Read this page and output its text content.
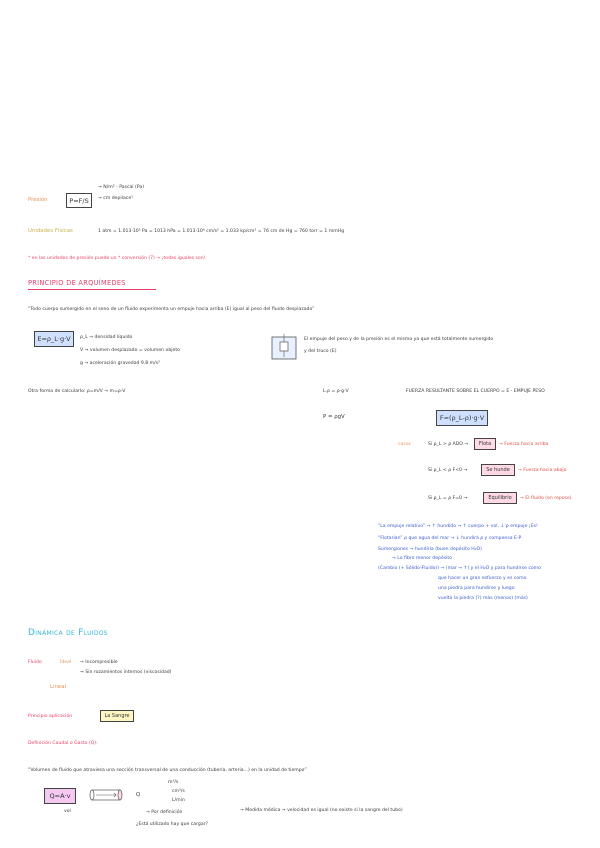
Presión	P=F/S
→ N/m² - Pascal (Pa)
→ cm depilace¹
Unidades Físicas	1 atm = 1.013·10⁵ Pa = 1013 hPa = 1.013·10⁶ cm/s² = 1.033 kp/cm² = 76 cm de Hg = 760 torr = 1 mmHg
* en las unidades de presión puede un * conversión (7) → ¡todas iguales son!
PRINCIPIO DE ARQUÍMEDES
“Todo cuerpo sumergido en el seno de un fluido experimenta un empuje hacia arriba (E) igual al peso del fluido desplazado”
E=ρ_L·g·V	ρ_L → densidad líquido
V → volumen desplazado = volumen objeto
g → aceleración gravedad 9.8 m/s²
El empuje del peso y de la presión es el mismo ya que está totalmente sumergido
y del truco (E)
Otra forma de calcularlo: ρ=m/V → m=ρ·V	L.ρ = ρ·g·V
P = ρgV
FUERZA RESULTANTE SOBRE EL CUERPO = E - EMPUJE PESO
F=(ρ_L-ρ)·g·V
casos	Si ρ_L > ρ ADO →	Flota	→ Fuerza hacia arriba
Si ρ_L < ρ F<0 →	Se hunde	→ Fuerza hacia abajo
Si ρ_L = ρ F=0 →	Equilibrio	→ El fluido (en reposo)
“La empuje relativo” → ↑ hundido → ↑ cuerpo + vol. ↓ ρ empuje ¡Es!
“Flotarían” ρ que agua del mar → ↓ hundirá ρ y compensa E-P
Sumergiones → hundiría (buen depósito H₂O)
→ Lo ﬁbro menor depósito
(Cambio (+ Sólido-Fluido)) → (mar → ↑) y el H₂O y para hundirse como
que hacer un gran esfuerzo y es como
una piedra para hundirse y luego
vuelta la piedra (?) más (menos) (más)
Dinámica de Fluidos
Fluido	Ideal → Incompresible
→ Sin rozamientos internos (viscosidad)
Lineal
Principio aplicación	La Sangre
Definición Caudal o Gasto (Q):
“Volumen de fluido que atraviesa una sección transversal de una conducción (tubería, arteria...) en la unidad de tiempo”
Q=A·v
vol
Q
m³/s
cm³/s
L/min
→ Por definición
¿Está utilizado hay que cargar?
→ Medida médica → velocidad es igual (no existe si la sangre del tubo)
